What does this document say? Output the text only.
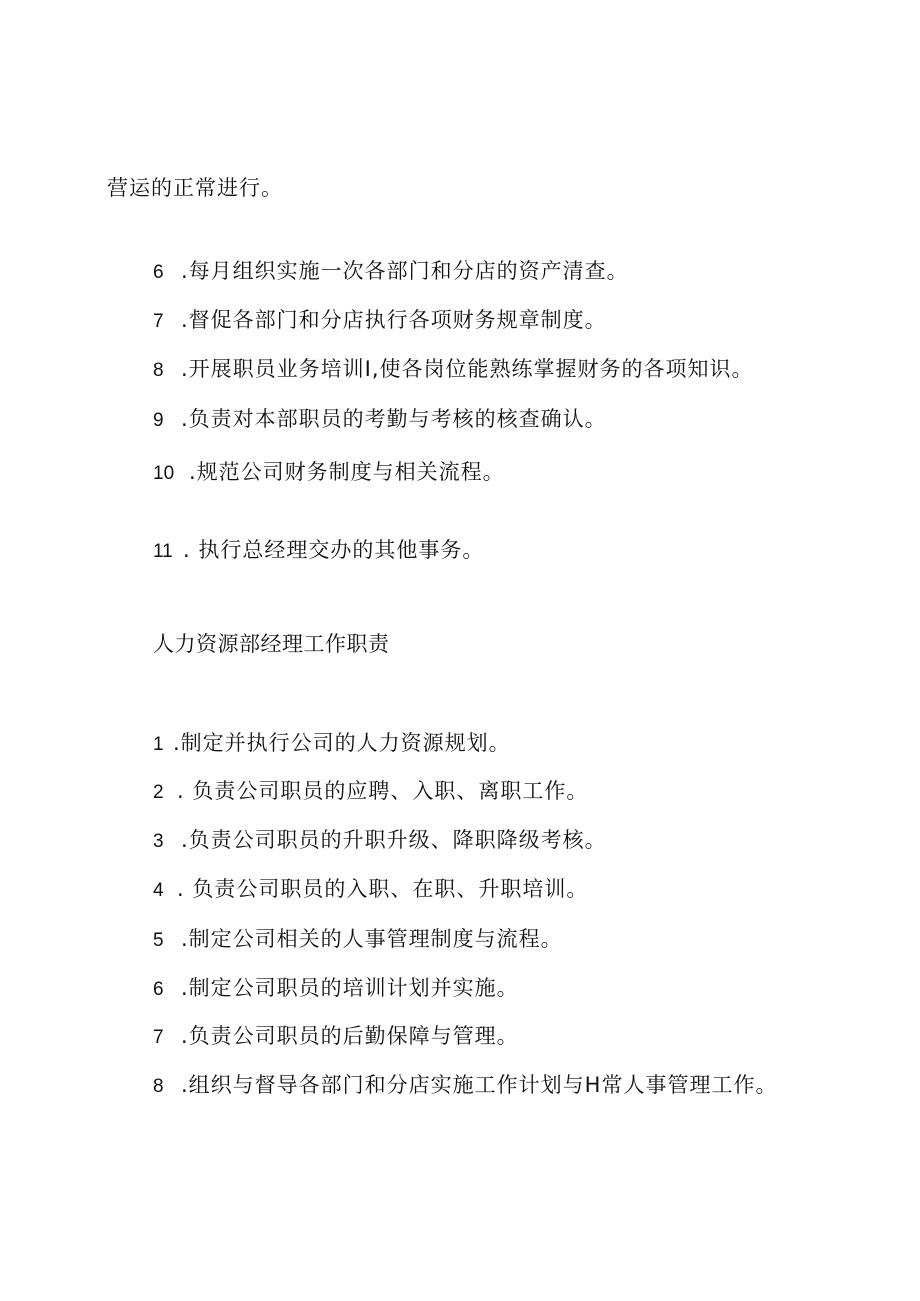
营运的正常进行。
6 .每月组织实施一次各部门和分店的资产清查。
7 .督促各部门和分店执行各项财务规章制度。
8 .开展职员业务培训I,使各岗位能熟练掌握财务的各项知识。
9 .负责对本部职员的考勤与考核的核查确认。
10 .规范公司财务制度与相关流程。
11 . 执行总经理交办的其他事务。
人力资源部经理工作职责
1 .制定并执行公司的人力资源规划。
2 . 负责公司职员的应聘、入职、离职工作。
3 .负责公司职员的升职升级、降职降级考核。
4 . 负责公司职员的入职、在职、升职培训。
5 .制定公司相关的人事管理制度与流程。
6 .制定公司职员的培训计划并实施。
7 .负责公司职员的后勤保障与管理。
8 .组织与督导各部门和分店实施工作计划与H常人事管理工作。
